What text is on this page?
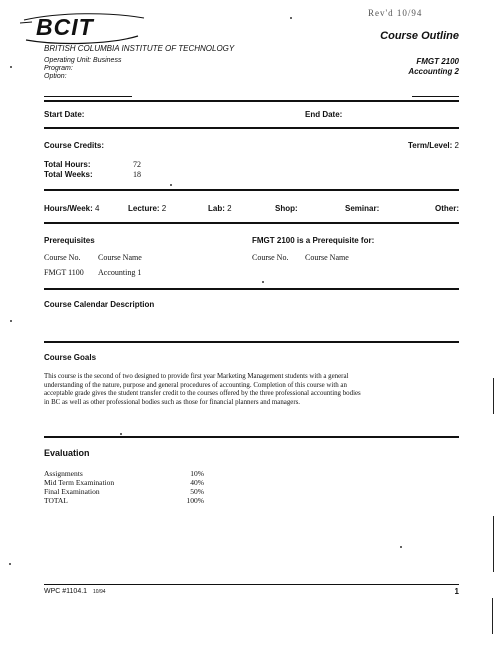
BCIT
BRITISH COLUMBIA INSTITUTE OF TECHNOLOGY
Operating Unit: Business
Program:
Option:
Rev'd 10/94
Course Outline
FMGT 2100
Accounting 2
Start Date:	End Date:
Course Credits:	Term/Level: 2
Total Hours:	72
Total Weeks:	18
Hours/Week: 4	Lecture: 2	Lab: 2	Shop:	Seminar:	Other:
Prerequisites
Course No. Course Name
FMGT 1100 Accounting 1
FMGT 2100 is a Prerequisite for:
Course No. Course Name
Course Calendar Description
Course Goals
This course is the second of two designed to provide first year Marketing Management students with a general
understanding of the nature, purpose and general procedures of accounting. Completion of this course with an
acceptable grade gives the student transfer credit to the courses offered by the three professional accounting bodies
in BC as well as other professional bodies such as those for financial planners and managers.
Evaluation
Assignments	10%
Mid Term Examination	40%
Final Examination	50%
TOTAL	100%
WPC #1104.1 10/94	1
